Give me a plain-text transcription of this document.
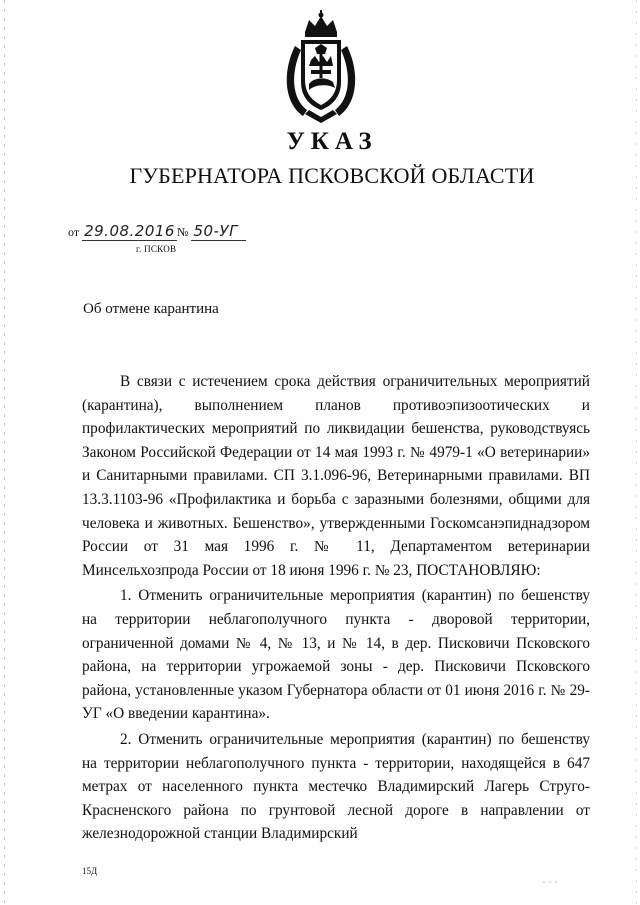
УКАЗ
ГУБЕРНАТОРА ПСКОВСКОЙ ОБЛАСТИ
от 29.08.2016 № 50-УГ
г. ПСКОВ
Об отмене карантина

В связи с истечением срока действия ограничительных мероприятий (карантина), выполнением планов противоэпизоотических и профилактических мероприятий по ликвидации бешенства, руководствуясь Законом Российской Федерации от 14 мая 1993 г. № 4979-1 «О ветеринарии» и Санитарными правилами. СП 3.1.096-96, Ветеринарными правилами. ВП 13.3.1103-96 «Профилактика и борьба с заразными болезнями, общими для человека и животных. Бешенство», утвержденными Госкомсанэпиднадзором России от 31 мая 1996 г. № 11, Департаментом ветеринарии Минсельхозпрода России от 18 июня 1996 г. № 23, ПОСТАНОВЛЯЮ:

1. Отменить ограничительные мероприятия (карантин) по бешенству на территории неблагополучного пункта - дворовой территории, ограниченной домами № 4, № 13, и № 14, в дер. Писковичи Псковского района, на территории угрожаемой зоны - дер. Писковичи Псковского района, установленные указом Губернатора области от 01 июня 2016 г. № 29-УГ «О введении карантина».

2. Отменить ограничительные мероприятия (карантин) по бешенству на территории неблагополучного пункта - территории, находящейся в 647 метрах от населенного пункта местечко Владимирский Лагерь Струго-Красненского района по грунтовой лесной дороге в направлении от железнодорожной станции Владимирский

15Д
